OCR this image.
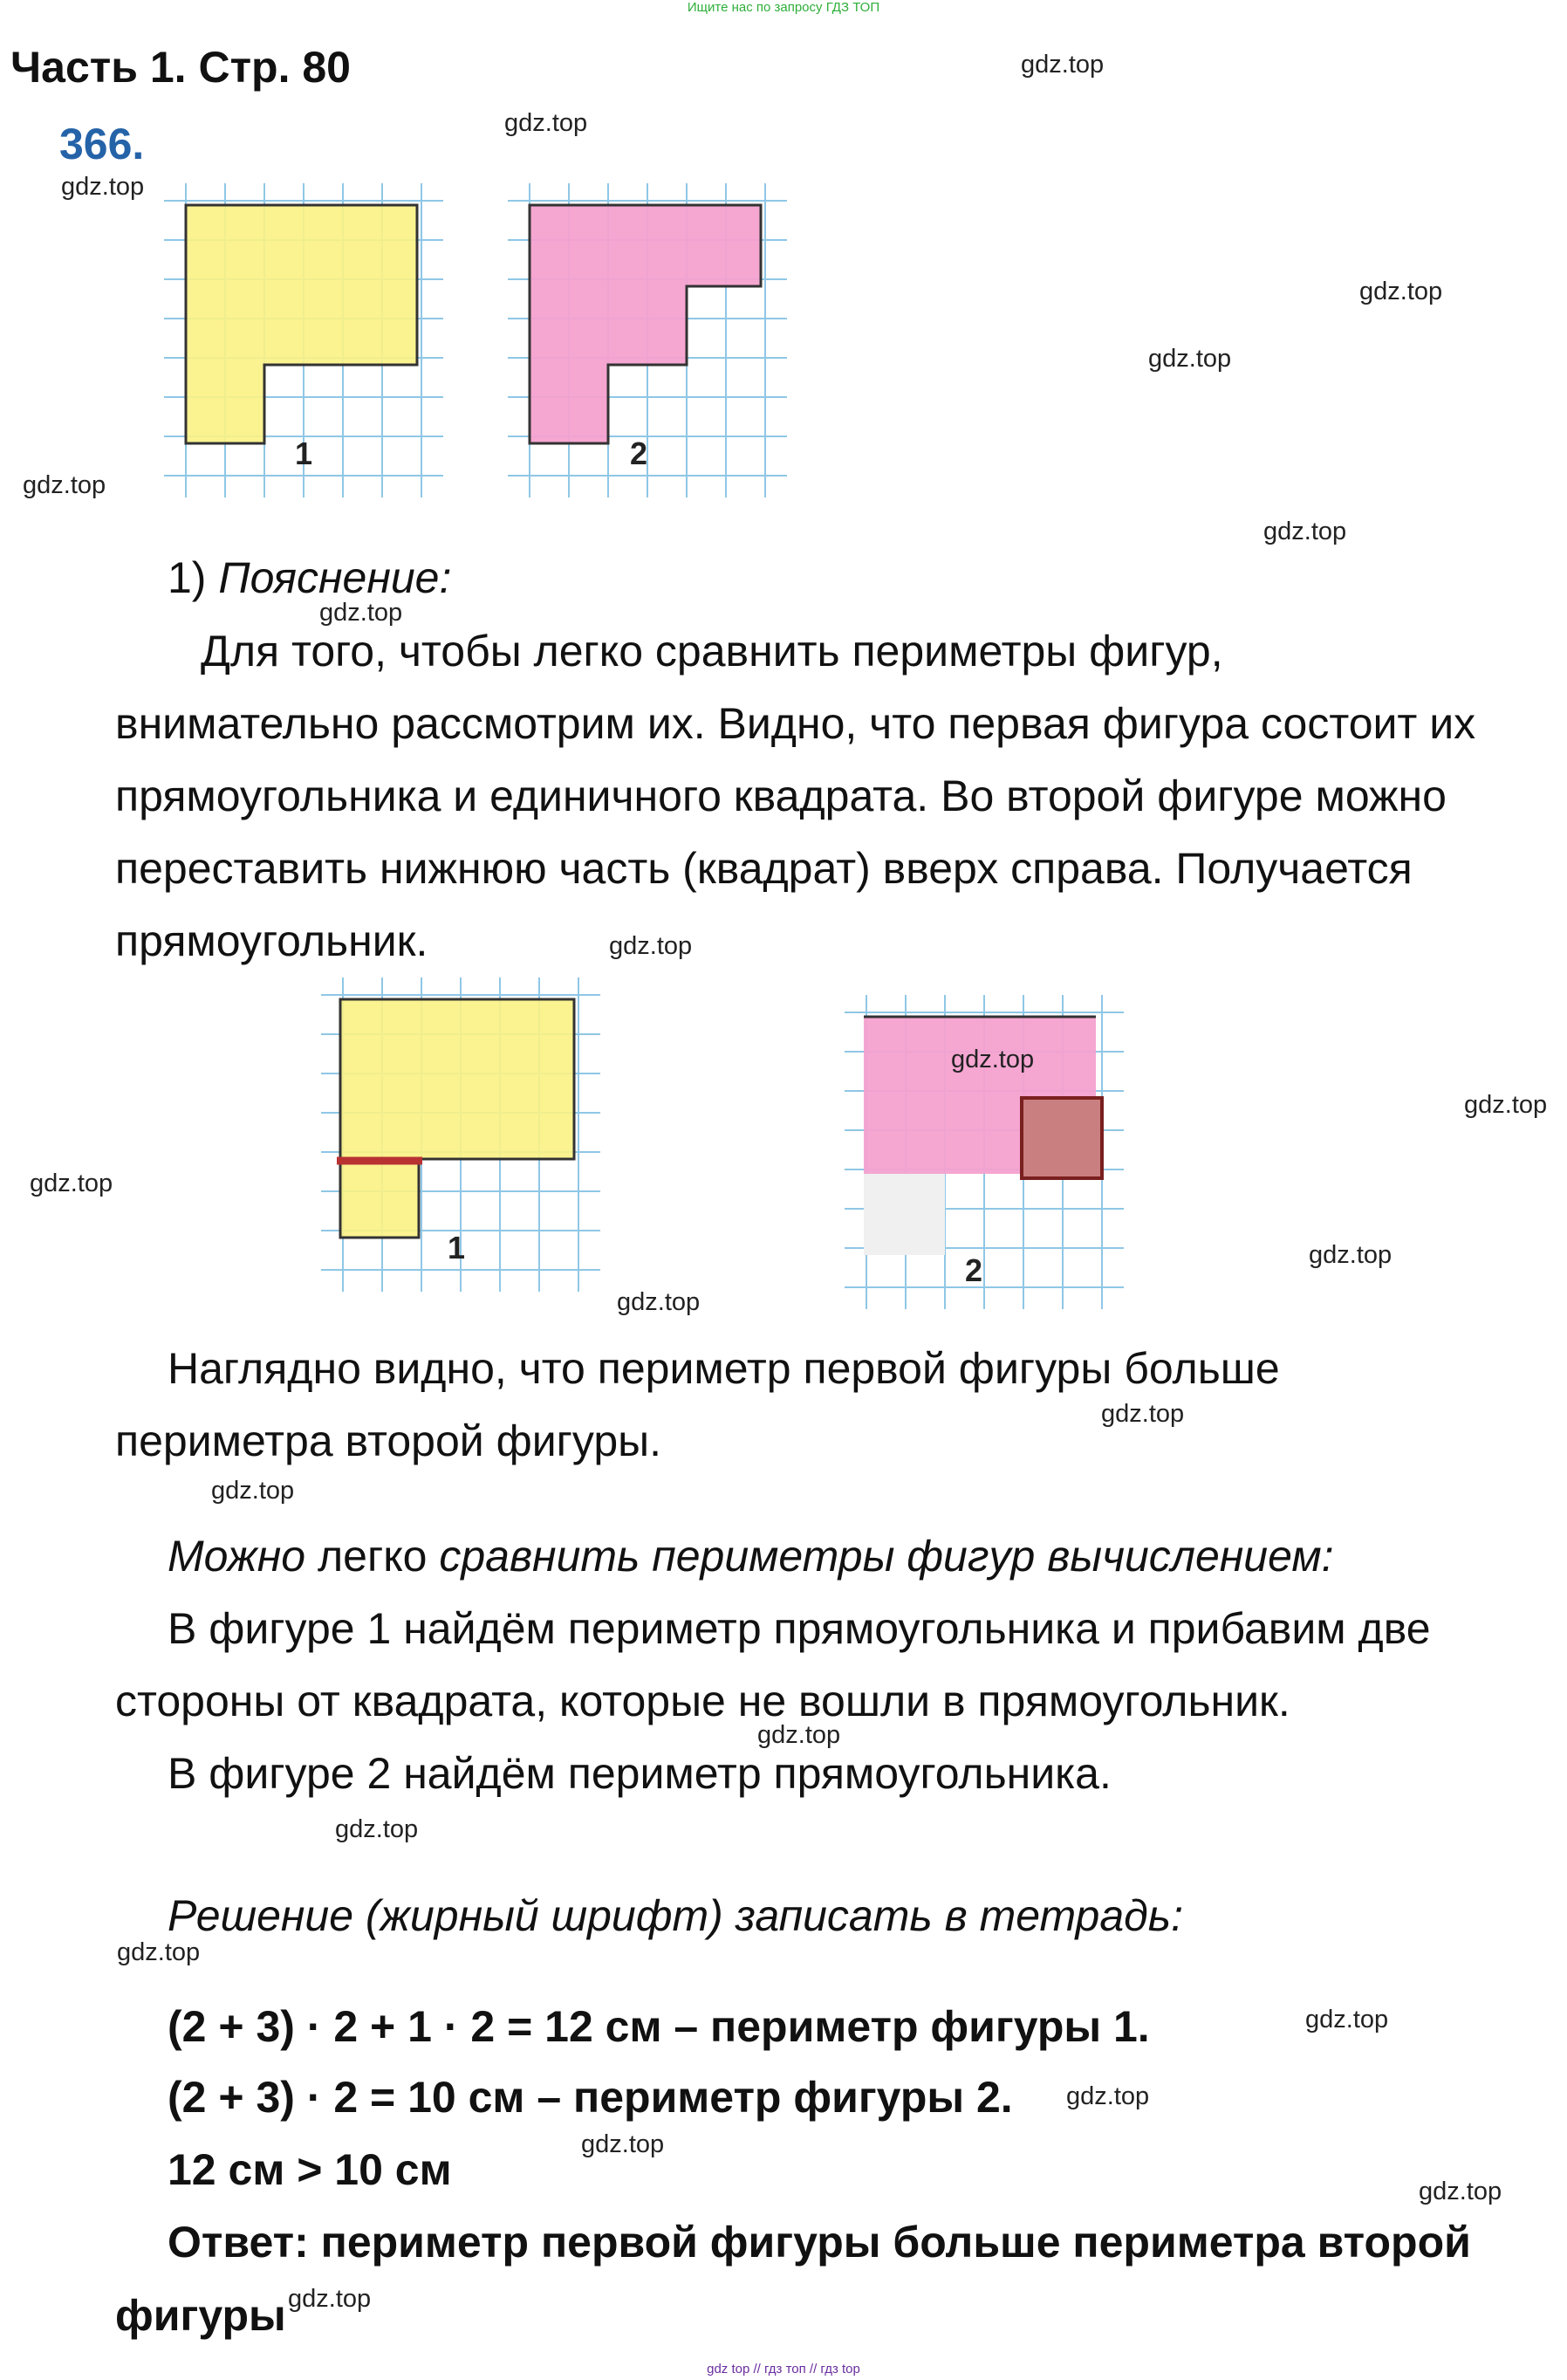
Ищите нас по запросу ГДЗ ТОП
Часть 1. Стр. 80
366.
1	2
1) Пояснение:
Для того, чтобы легко сравнить периметры фигур,
внимательно рассмотрим их. Видно, что первая фигура состоит их
прямоугольника и единичного квадрата. Во второй фигуре можно
переставить нижнюю часть (квадрат) вверх справа. Получается
прямоугольник.
1
2
Наглядно видно, что периметр первой фигуры больше
периметра второй фигуры.
Можно легко сравнить периметры фигур вычислением:
В фигуре 1 найдём периметр прямоугольника и прибавим две
стороны от квадрата, которые не вошли в прямоугольник.
В фигуре 2 найдём периметр прямоугольника.
Решение (жирный шрифт) записать в тетрадь:
(2 + 3) · 2 + 1 · 2 = 12 см – периметр фигуры 1.
(2 + 3) · 2 = 10 см – периметр фигуры 2.
12 см > 10 см
Ответ: периметр первой фигуры больше периметра второй
фигуры
gdz.top
gdz.top
gdz.top
gdz.top
gdz.top
gdz.top
gdz.top
gdz.top
gdz.top
gdz.top
gdz.top
gdz.top
gdz.top
gdz.top
gdz.top
gdz.top
gdz.top
gdz.top
gdz.top
gdz.top
gdz.top
gdz.top
gdz.top
gdz.top
gdz top // гдз топ // гдз top
